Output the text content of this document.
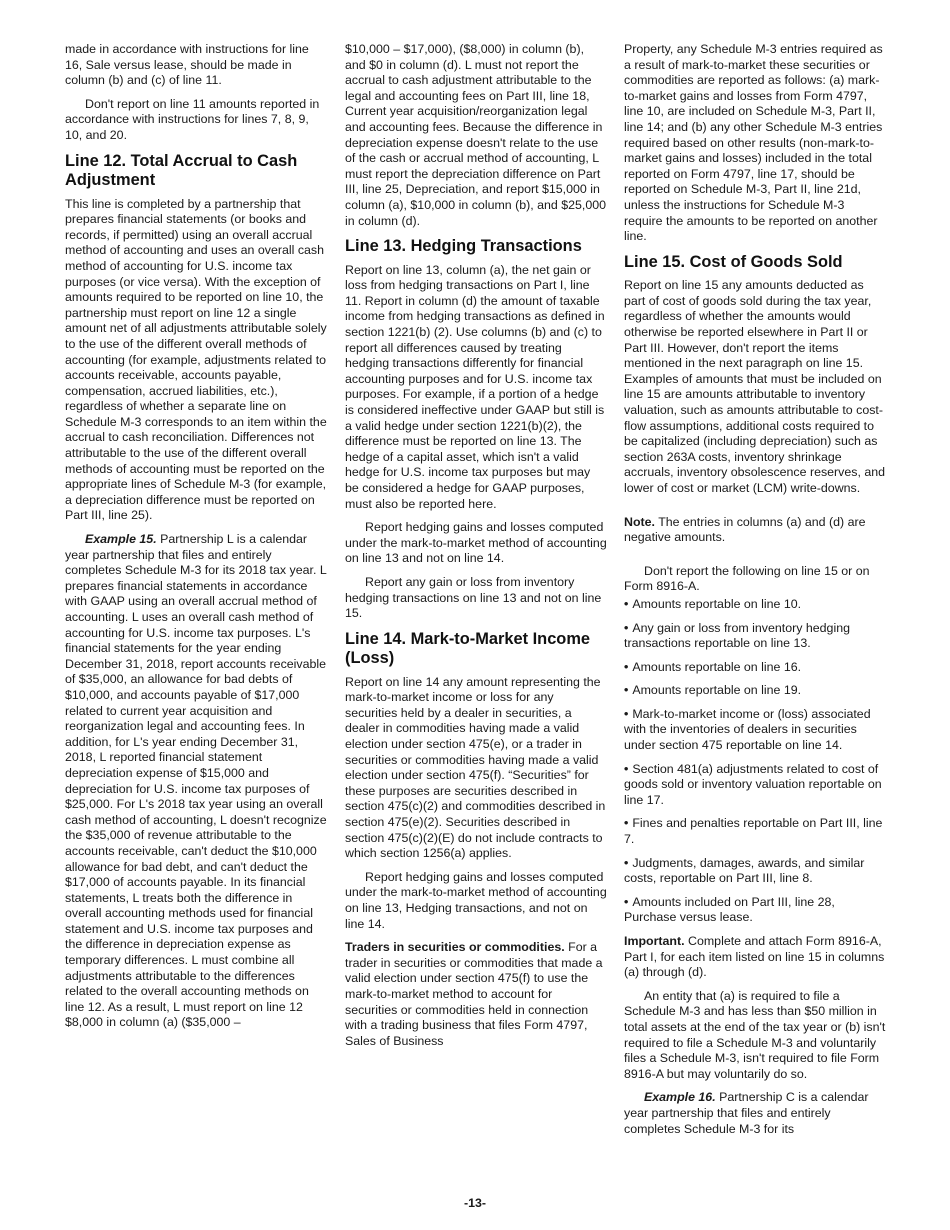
made in accordance with instructions for line 16, Sale versus lease, should be made in column (b) and (c) of line 11.

Don't report on line 11 amounts reported in accordance with instructions for lines 7, 8, 9, 10, and 20.

Line 12. Total Accrual to Cash Adjustment

This line is completed by a partnership that prepares financial statements (or books and records, if permitted) using an overall accrual method of accounting and uses an overall cash method of accounting for U.S. income tax purposes (or vice versa). With the exception of amounts required to be reported on line 10, the partnership must report on line 12 a single amount net of all adjustments attributable solely to the use of the different overall methods of accounting (for example, adjustments related to accounts receivable, accounts payable, compensation, accrued liabilities, etc.), regardless of whether a separate line on Schedule M-3 corresponds to an item within the accrual to cash reconciliation. Differences not attributable to the use of the different overall methods of accounting must be reported on the appropriate lines of Schedule M-3 (for example, a depreciation difference must be reported on Part III, line 25).

Example 15. Partnership L is a calendar year partnership that files and entirely completes Schedule M-3 for its 2018 tax year. L prepares financial statements in accordance with GAAP using an overall accrual method of accounting. L uses an overall cash method of accounting for U.S. income tax purposes. L's financial statements for the year ending December 31, 2018, report accounts receivable of $35,000, an allowance for bad debts of $10,000, and accounts payable of $17,000 related to current year acquisition and reorganization legal and accounting fees. In addition, for L's year ending December 31, 2018, L reported financial statement depreciation expense of $15,000 and depreciation for U.S. income tax purposes of $25,000. For L's 2018 tax year using an overall cash method of accounting, L doesn't recognize the $35,000 of revenue attributable to the accounts receivable, can't deduct the $10,000 allowance for bad debt, and can't deduct the $17,000 of accounts payable. In its financial statements, L treats both the difference in overall accounting methods used for financial statement and U.S. income tax purposes and the difference in depreciation expense as temporary differences. L must combine all adjustments attributable to the differences related to the overall accounting methods on line 12. As a result, L must report on line 12 $8,000 in column (a) ($35,000 –

$10,000 – $17,000), ($8,000) in column (b), and $0 in column (d). L must not report the accrual to cash adjustment attributable to the legal and accounting fees on Part III, line 18, Current year acquisition/reorganization legal and accounting fees. Because the difference in depreciation expense doesn't relate to the use of the cash or accrual method of accounting, L must report the depreciation difference on Part III, line 25, Depreciation, and report $15,000 in column (a), $10,000 in column (b), and $25,000 in column (d).

Line 13. Hedging Transactions

Report on line 13, column (a), the net gain or loss from hedging transactions on Part I, line 11. Report in column (d) the amount of taxable income from hedging transactions as defined in section 1221(b) (2). Use columns (b) and (c) to report all differences caused by treating hedging transactions differently for financial accounting purposes and for U.S. income tax purposes. For example, if a portion of a hedge is considered ineffective under GAAP but still is a valid hedge under section 1221(b)(2), the difference must be reported on line 13. The hedge of a capital asset, which isn't a valid hedge for U.S. income tax purposes but may be considered a hedge for GAAP purposes, must also be reported here.

Report hedging gains and losses computed under the mark-to-market method of accounting on line 13 and not on line 14.

Report any gain or loss from inventory hedging transactions on line 13 and not on line 15.

Line 14. Mark-to-Market Income (Loss)

Report on line 14 any amount representing the mark-to-market income or loss for any securities held by a dealer in securities, a dealer in commodities having made a valid election under section 475(e), or a trader in securities or commodities having made a valid election under section 475(f). “Securities” for these purposes are securities described in section 475(c)(2) and commodities described in section 475(e)(2). Securities described in section 475(c)(2)(E) do not include contracts to which section 1256(a) applies.

Report hedging gains and losses computed under the mark-to-market method of accounting on line 13, Hedging transactions, and not on line 14.

Traders in securities or commodities. For a trader in securities or commodities that made a valid election under section 475(f) to use the mark-to-market method to account for securities or commodities held in connection with a trading business that files Form 4797, Sales of Business

Property, any Schedule M-3 entries required as a result of mark-to-market these securities or commodities are reported as follows: (a) mark-to-market gains and losses from Form 4797, line 10, are included on Schedule M-3, Part II, line 14; and (b) any other Schedule M-3 entries required based on other results (non-mark-to-market gains and losses) included in the total reported on Form 4797, line 17, should be reported on Schedule M-3, Part II, line 21d, unless the instructions for Schedule M-3 require the amounts to be reported on another line.

Line 15. Cost of Goods Sold

Report on line 15 any amounts deducted as part of cost of goods sold during the tax year, regardless of whether the amounts would otherwise be reported elsewhere in Part II or Part III. However, don't report the items mentioned in the next paragraph on line 15. Examples of amounts that must be included on line 15 are amounts attributable to inventory valuation, such as amounts attributable to cost-flow assumptions, additional costs required to be capitalized (including depreciation) such as section 263A costs, inventory shrinkage accruals, inventory obsolescence reserves, and lower of cost or market (LCM) write-downs.

Note. The entries in columns (a) and (d) are negative amounts.

Don't report the following on line 15 or on Form 8916-A.

• Amounts reportable on line 10.

• Any gain or loss from inventory hedging transactions reportable on line 13.

• Amounts reportable on line 16.

• Amounts reportable on line 19.

• Mark-to-market income or (loss) associated with the inventories of dealers in securities under section 475 reportable on line 14.

• Section 481(a) adjustments related to cost of goods sold or inventory valuation reportable on line 17.

• Fines and penalties reportable on Part III, line 7.

• Judgments, damages, awards, and similar costs, reportable on Part III, line 8.

• Amounts included on Part III, line 28, Purchase versus lease.

Important. Complete and attach Form 8916-A, Part I, for each item listed on line 15 in columns (a) through (d).

An entity that (a) is required to file a Schedule M-3 and has less than $50 million in total assets at the end of the tax year or (b) isn't required to file a Schedule M-3 and voluntarily files a Schedule M-3, isn't required to file Form 8916-A but may voluntarily do so.

Example 16. Partnership C is a calendar year partnership that files and entirely completes Schedule M-3 for its

-13-
